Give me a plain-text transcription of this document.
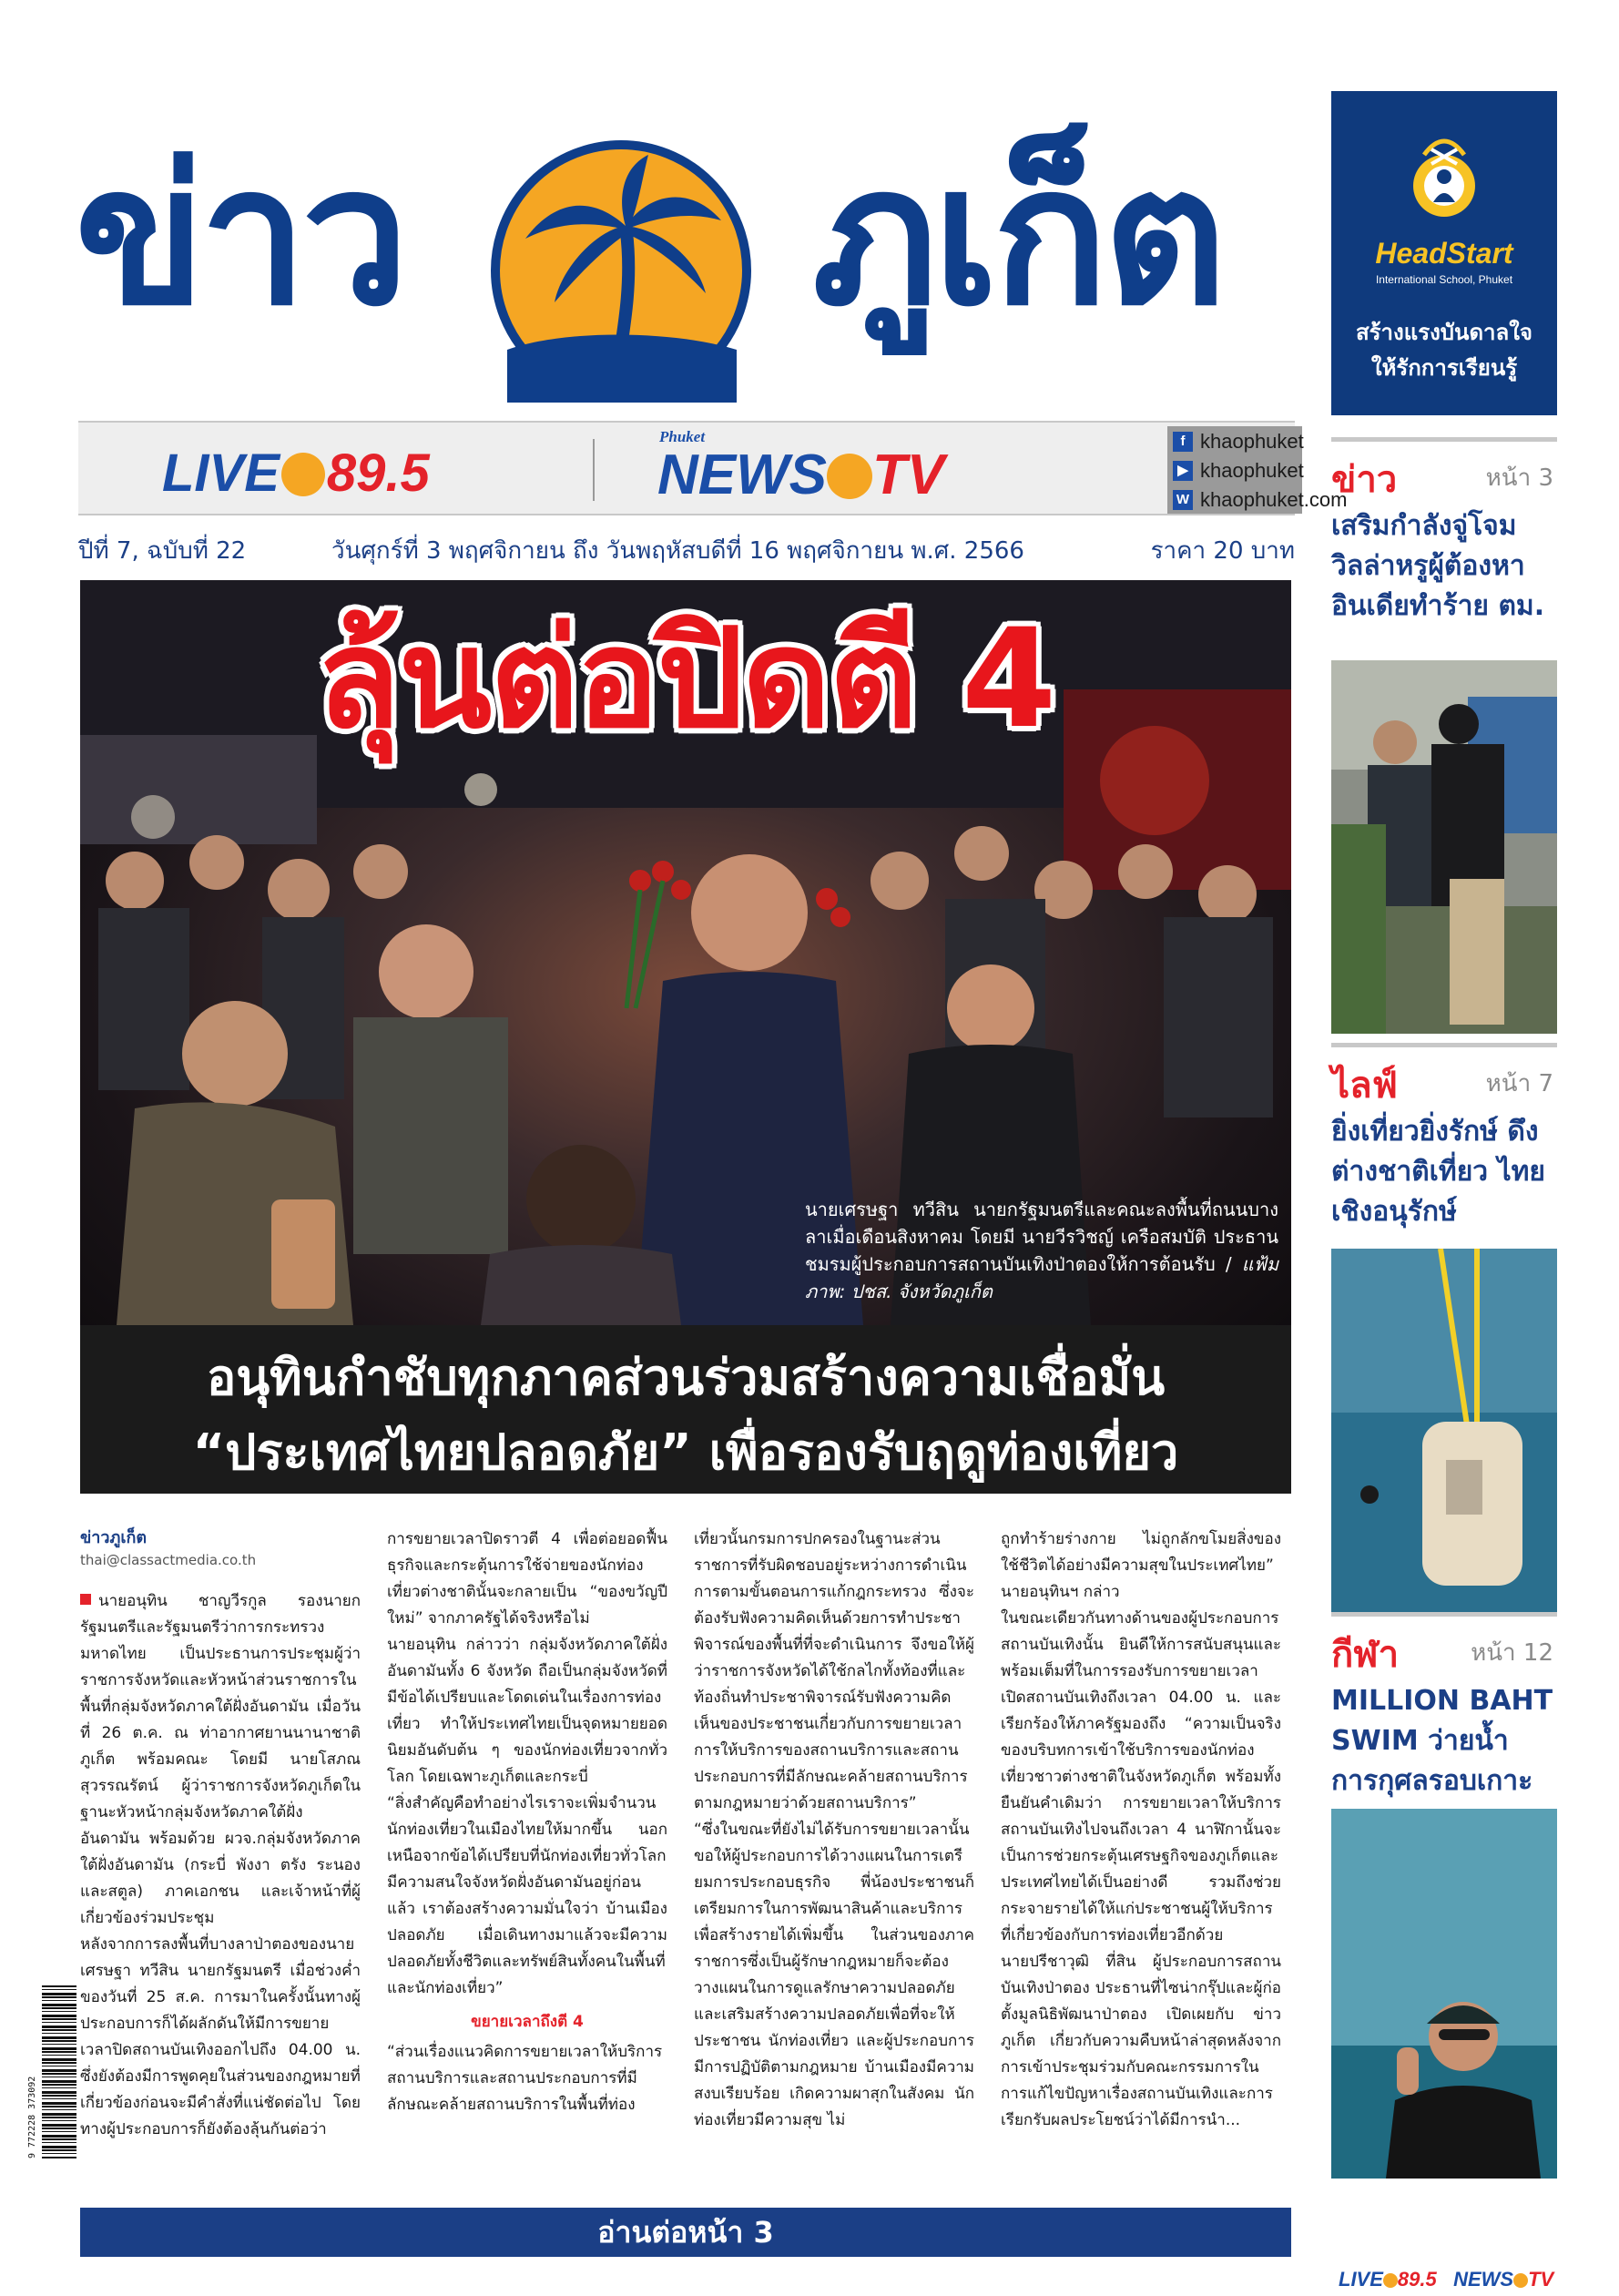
ข่าว ภูเก็ต	HeadStart
International School, Phuket
สร้างแรงบันดาลใจ
ให้รักการเรียนรู้
LIVE 89.5
Phuket
NEWS TV
f khaophuket
▶ khaophuket
W khaophuket.com
ปีที่ 7, ฉบับที่ 22	วันศุกร์ที่ 3 พฤศจิกายน ถึง วันพฤหัสบดีที่ 16 พฤศจิกายน พ.ศ. 2566	ราคา 20 บาท
ลุ้นต่อปิดตี 4
นายเศรษฐา ทวีสิน นายกรัฐมนตรีและคณะลงพื้นที่ถนนบางลาเมื่อเดือนสิงหาคม โดยมี นายวีรวิชญ์ เครือสมบัติ ประธานชมรมผู้ประกอบการสถานบันเทิงป่าตองให้การต้อนรับ / แฟ้มภาพ: ปชส. จังหวัดภูเก็ต
อนุทินกำชับทุกภาคส่วนร่วมสร้างความเชื่อมั่น
“ประเทศไทยปลอดภัย” เพื่อรองรับฤดูท่องเที่ยว
ข่าวภูเก็ต
thai@classactmedia.co.th

นายอนุทิน ชาญวีรกูล รองนายกรัฐมนตรีและรัฐมนตรีว่าการกระทรวงมหาดไทย เป็นประธานการประชุมผู้ว่าราชการจังหวัดและหัวหน้าส่วนราชการในพื้นที่กลุ่มจังหวัดภาคใต้ฝั่งอันดามัน เมื่อวันที่ 26 ต.ค. ณ ท่าอากาศยานนานาชาติภูเก็ต พร้อมคณะ โดยมี นายโสภณ สุวรรณรัตน์ ผู้ว่าราชการจังหวัดภูเก็ตในฐานะหัวหน้ากลุ่มจังหวัดภาคใต้ฝั่งอันดามัน พร้อมด้วย ผวจ.กลุ่มจังหวัดภาคใต้ฝั่งอันดามัน (กระบี่ พังงา ตรัง ระนอง และสตูล) ภาคเอกชน และเจ้าหน้าที่ผู้เกี่ยวข้องร่วมประชุม

หลังจากการลงพื้นที่บางลาป่าตองของนายเศรษฐา ทวีสิน นายกรัฐมนตรี เมื่อช่วงค่ำของวันที่ 25 ส.ค. การมาในครั้งนั้นทางผู้ประกอบการก็ได้ผลักดันให้มีการขยายเวลาปิดสถานบันเทิงออกไปถึง 04.00 น. ซึ่งยังต้องมีการพูดคุยในส่วนของกฎหมายที่เกี่ยวข้องก่อนจะมีคำสั่งที่แน่ชัดต่อไป โดยทางผู้ประกอบการก็ยังต้องลุ้นกันต่อว่า

การขยายเวลาปิดราวตี 4 เพื่อต่อยอดฟื้นธุรกิจและกระตุ้นการใช้จ่ายของนักท่องเที่ยวต่างชาตินั้นจะกลายเป็น “ของขวัญปีใหม่” จากภาครัฐได้จริงหรือไม่

นายอนุทิน กล่าวว่า กลุ่มจังหวัดภาคใต้ฝั่งอันดามันทั้ง 6 จังหวัด ถือเป็นกลุ่มจังหวัดที่มีข้อได้เปรียบและโดดเด่นในเรื่องการท่องเที่ยว ทำให้ประเทศไทยเป็นจุดหมายยอดนิยมอันดับต้น ๆ ของนักท่องเที่ยวจากทั่วโลก โดยเฉพาะภูเก็ตและกระบี่

“สิ่งสำคัญคือทำอย่างไรเราจะเพิ่มจำนวนนักท่องเที่ยวในเมืองไทยให้มากขึ้น นอกเหนือจากข้อได้เปรียบที่นักท่องเที่ยวทั่วโลกมีความสนใจจังหวัดฝั่งอันดามันอยู่ก่อนแล้ว เราต้องสร้างความมั่นใจว่า บ้านเมืองปลอดภัย เมื่อเดินทางมาแล้วจะมีความปลอดภัยทั้งชีวิตและทรัพย์สินทั้งคนในพื้นที่และนักท่องเที่ยว”

ขยายเวลาถึงตี 4

“ส่วนเรื่องแนวคิดการขยายเวลาให้บริการสถานบริการและสถานประกอบการที่มีลักษณะคล้ายสถานบริการในพื้นที่ท่อง

เที่ยวนั้นกรมการปกครองในฐานะส่วนราชการที่รับผิดชอบอยู่ระหว่างการดำเนินการตามขั้นตอนการแก้กฎกระทรวง ซึ่งจะต้องรับฟังความคิดเห็นด้วยการทำประชาพิจารณ์ของพื้นที่ที่จะดำเนินการ จึงขอให้ผู้ว่าราชการจังหวัดได้ใช้กลไกทั้งท้องที่และท้องถิ่นทำประชาพิจารณ์รับฟังความคิดเห็นของประชาชนเกี่ยวกับการขยายเวลาการให้บริการของสถานบริการและสถานประกอบการที่มีลักษณะคล้ายสถานบริการ ตามกฎหมายว่าด้วยสถานบริการ”

“ซึ่งในขณะที่ยังไม่ได้รับการขยายเวลานั้น ขอให้ผู้ประกอบการได้วางแผนในการเตรียมการประกอบธุรกิจ พี่น้องประชาชนก็เตรียมการในการพัฒนาสินค้าและบริการเพื่อสร้างรายได้เพิ่มขึ้น ในส่วนของภาคราชการซึ่งเป็นผู้รักษากฎหมายก็จะต้องวางแผนในการดูแลรักษาความปลอดภัยและเสริมสร้างความปลอดภัยเพื่อที่จะให้ประชาชน นักท่องเที่ยว และผู้ประกอบการมีการปฏิบัติตามกฎหมาย บ้านเมืองมีความสงบเรียบร้อย เกิดความผาสุกในสังคม นักท่องเที่ยวมีความสุข ไม่

ถูกทำร้ายร่างกาย ไม่ถูกลักขโมยสิ่งของ ใช้ชีวิตได้อย่างมีความสุขในประเทศไทย” นายอนุทินฯ กล่าว

ในขณะเดียวกันทางด้านของผู้ประกอบการสถานบันเทิงนั้น ยินดีให้การสนับสนุนและพร้อมเต็มที่ในการรองรับการขยายเวลาเปิดสถานบันเทิงถึงเวลา 04.00 น. และเรียกร้องให้ภาครัฐมองถึง “ความเป็นจริงของบริบทการเข้าใช้บริการของนักท่องเที่ยวชาวต่างชาติในจังหวัดภูเก็ต พร้อมทั้งยืนยันคำเดิมว่า การขยายเวลาให้บริการสถานบันเทิงไปจนถึงเวลา 4 นาฬิกานั้นจะเป็นการช่วยกระตุ้นเศรษฐกิจของภูเก็ตและประเทศไทยได้เป็นอย่างดี รวมถึงช่วยกระจายรายได้ให้แก่ประชาชนผู้ให้บริการที่เกี่ยวข้องกับการท่องเที่ยวอีกด้วย

นายปรีชาวุฒิ ที่สิน ผู้ประกอบการสถานบันเทิงป่าตอง ประธานที่ไซน่ากรุ๊ปและผู้ก่อตั้งมูลนิธิพัฒนาป่าตอง เปิดเผยกับ ข่าวภูเก็ต เกี่ยวกับความคืบหน้าล่าสุดหลังจากการเข้าประชุมร่วมกับคณะกรรมการในการแก้ไขปัญหาเรื่องสถานบันเทิงและการเรียกรับผลประโยชน์ว่าได้มีการนำ...

9 772228 373092
อ่านต่อหน้า 3
LIVE 89.5 NEWS TV
ข่าว	หน้า 3
เสริมกำลังจู่โจม วิลล่าหรูผู้ต้องหา อินเดียทำร้าย ตม.
ไลฟ์	หน้า 7
ยิ่งเที่ยวยิ่งรักษ์ ดึงต่างชาติเที่ยว ไทยเชิงอนุรักษ์
กีฬา	หน้า 12
MILLION BAHT SWIM ว่ายน้ำ การกุศลรอบเกาะ
